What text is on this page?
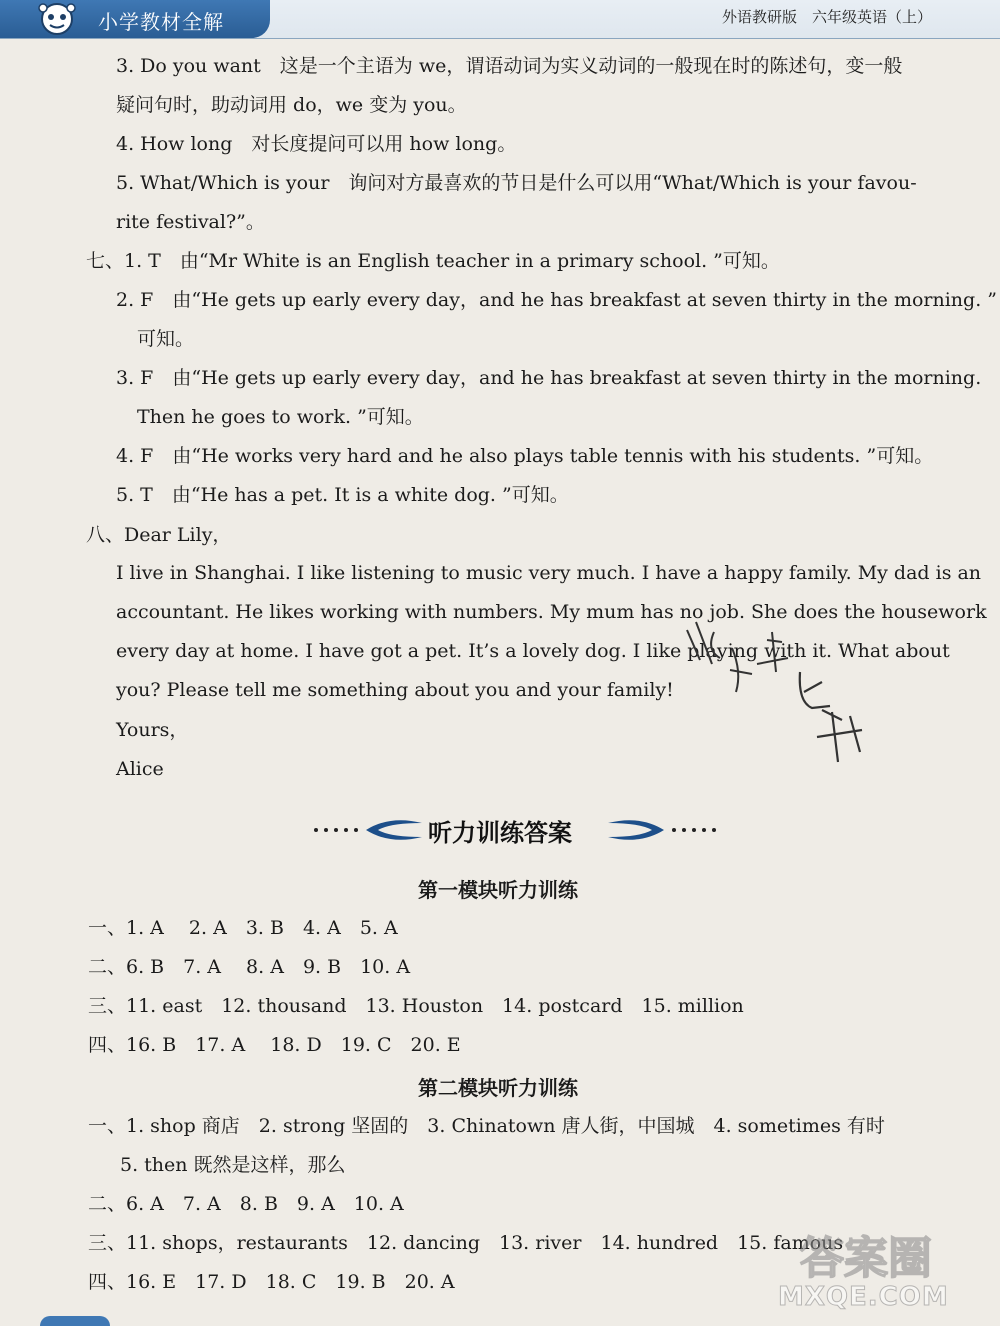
小学教材全解	外语教研版　六年级英语（上）
3. Do you want　这是一个主语为 we，谓语动词为实义动词的一般现在时的陈述句，变一般
疑问句时，助动词用 do，we 变为 you。
4. How long　对长度提问可以用 how long。
5. What/Which is your　询问对方最喜欢的节日是什么可以用“What/Which is your favou-
rite festival?”。
七、1. T　由“Mr White is an English teacher in a primary school. ”可知。
2. F　由“He gets up early every day，and he has breakfast at seven thirty in the morning. ”
可知。
3. F　由“He gets up early every day，and he has breakfast at seven thirty in the morning.
Then he goes to work. ”可知。
4. F　由“He works very hard and he also plays table tennis with his students. ”可知。
5. T　由“He has a pet. It is a white dog. ”可知。
八、Dear Lily，
I live in Shanghai. I like listening to music very much. I have a happy family. My dad is an
accountant. He likes working with numbers. My mum has no job. She does the housework
every day at home. I have got a pet. It’s a lovely dog. I like playing with it. What about
you? Please tell me something about you and your family!
Yours，
Alice
听力训练答案
第一模块听力训练
一、1. A　 2. A　3. B　4. A　5. A
二、6. B　7. A　 8. A　9. B　10. A
三、11. east　12. thousand　13. Houston　14. postcard　15. million
四、16. B　17. A　 18. D　19. C　20. E
第二模块听力训练
一、1. shop 商店　2. strong 坚固的　3. Chinatown 唐人街，中国城　4. sometimes 有时
5. then 既然是这样，那么
二、6. A　7. A　8. B　9. A　10. A
三、11. shops，restaurants　12. dancing　13. river　14. hundred　15. famous
四、16. E　17. D　18. C　19. B　20. A	答案圈
MXQE.COM
